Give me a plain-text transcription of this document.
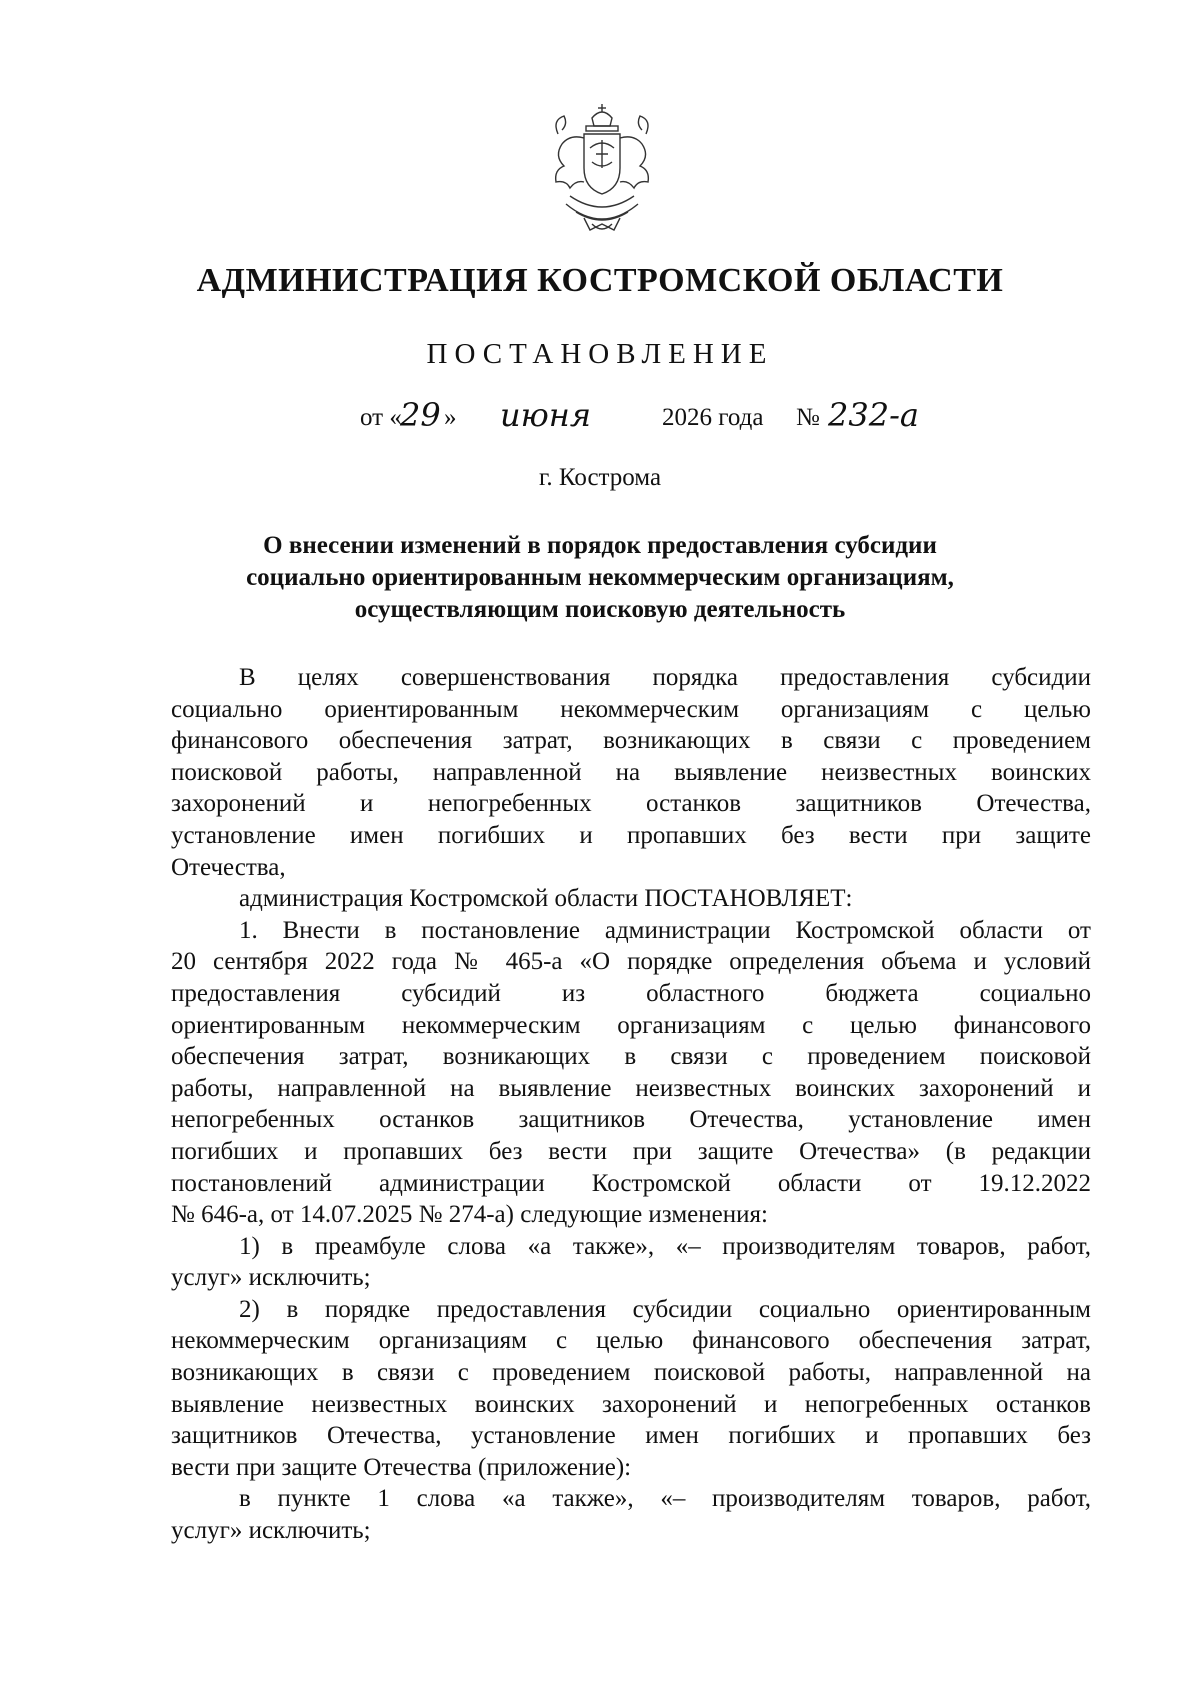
АДМИНИСТРАЦИЯ КОСТРОМСКОЙ ОБЛАСТИ
ПОСТАНОВЛЕНИЕ
от «
29 » июня	2026 года № 232-а
г. Кострома
О внесении изменений в порядок предоставления субсидии
социально ориентированным некоммерческим организациям,
осуществляющим поисковую деятельность
В целях совершенствования порядка предоставления субсидии
социально ориентированным некоммерческим организациям с целью
финансового обеспечения затрат, возникающих в связи с проведением
поисковой работы, направленной на выявление неизвестных воинских
захоронений и непогребенных останков защитников Отечества,
установление имен погибших и пропавших без вести при защите
Отечества,
администрация Костромской области ПОСТАНОВЛЯЕТ:
1. Внести в постановление администрации Костромской области от
20 сентября 2022 года № 465-а «О порядке определения объема и условий
предоставления субсидий из областного бюджета социально
ориентированным некоммерческим организациям с целью финансового
обеспечения затрат, возникающих в связи с проведением поисковой
работы, направленной на выявление неизвестных воинских захоронений и
непогребенных останков защитников Отечества, установление имен
погибших и пропавших без вести при защите Отечества» (в редакции
постановлений администрации Костромской области от 19.12.2022
№ 646-а, от 14.07.2025 № 274-а) следующие изменения:
1) в преамбуле слова «а также», «– производителям товаров, работ,
услуг» исключить;
2) в порядке предоставления субсидии социально ориентированным
некоммерческим организациям с целью финансового обеспечения затрат,
возникающих в связи с проведением поисковой работы, направленной на
выявление неизвестных воинских захоронений и непогребенных останков
защитников Отечества, установление имен погибших и пропавших без
вести при защите Отечества (приложение):
в пункте 1 слова «а также», «– производителям товаров, работ,
услуг» исключить;
